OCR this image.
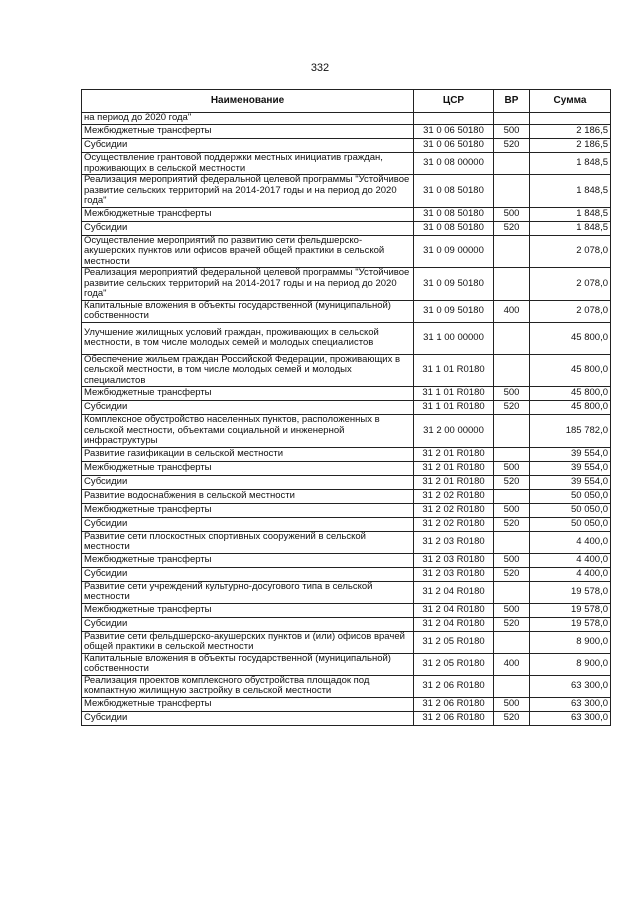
332
Наименование	ЦСР	ВР	Сумма
на период до 2020 года"			
Межбюджетные трансферты	31 0 06 50180	500	2 186,5
Субсидии	31 0 06 50180	520	2 186,5
Осуществление грантовой поддержки местных инициатив граждан, проживающих в сельской местности	31 0 08 00000		1 848,5
Реализация мероприятий федеральной целевой программы "Устойчивое развитие сельских территорий на 2014-2017 годы и на период до 2020 года"	31 0 08 50180		1 848,5
Межбюджетные трансферты	31 0 08 50180	500	1 848,5
Субсидии	31 0 08 50180	520	1 848,5
Осуществление мероприятий по развитию сети фельдшерско-акушерских пунктов или офисов врачей общей практики в сельской местности	31 0 09 00000		2 078,0
Реализация мероприятий федеральной целевой программы "Устойчивое развитие сельских территорий на 2014-2017 годы и на период до 2020 года"	31 0 09 50180		2 078,0
Капитальные вложения в объекты государственной (муниципальной) собственности	31 0 09 50180	400	2 078,0
Улучшение жилищных условий граждан, проживающих в сельской местности, в том числе молодых семей и молодых специалистов	31 1 00 00000		45 800,0
Обеспечение жильем граждан Российской Федерации, проживающих в сельской местности, в том числе молодых семей и молодых специалистов	31 1 01 R0180		45 800,0
Межбюджетные трансферты	31 1 01 R0180	500	45 800,0
Субсидии	31 1 01 R0180	520	45 800,0
Комплексное обустройство населенных пунктов, расположенных в сельской местности, объектами социальной и инженерной инфраструктуры	31 2 00 00000		185 782,0
Развитие газификации в сельской местности	31 2 01 R0180		39 554,0
Межбюджетные трансферты	31 2 01 R0180	500	39 554,0
Субсидии	31 2 01 R0180	520	39 554,0
Развитие водоснабжения в сельской местности	31 2 02 R0180		50 050,0
Межбюджетные трансферты	31 2 02 R0180	500	50 050,0
Субсидии	31 2 02 R0180	520	50 050,0
Развитие сети плоскостных спортивных сооружений в сельской местности	31 2 03 R0180		4 400,0
Межбюджетные трансферты	31 2 03 R0180	500	4 400,0
Субсидии	31 2 03 R0180	520	4 400,0
Развитие сети учреждений культурно-досугового типа в сельской местности	31 2 04 R0180		19 578,0
Межбюджетные трансферты	31 2 04 R0180	500	19 578,0
Субсидии	31 2 04 R0180	520	19 578,0
Развитие сети фельдшерско-акушерских пунктов и (или) офисов врачей общей практики в сельской местности	31 2 05 R0180		8 900,0
Капитальные вложения в объекты государственной (муниципальной) собственности	31 2 05 R0180	400	8 900,0
Реализация проектов комплексного обустройства площадок под компактную жилищную застройку в сельской местности	31 2 06 R0180		63 300,0
Межбюджетные трансферты	31 2 06 R0180	500	63 300,0
Субсидии	31 2 06 R0180	520	63 300,0
